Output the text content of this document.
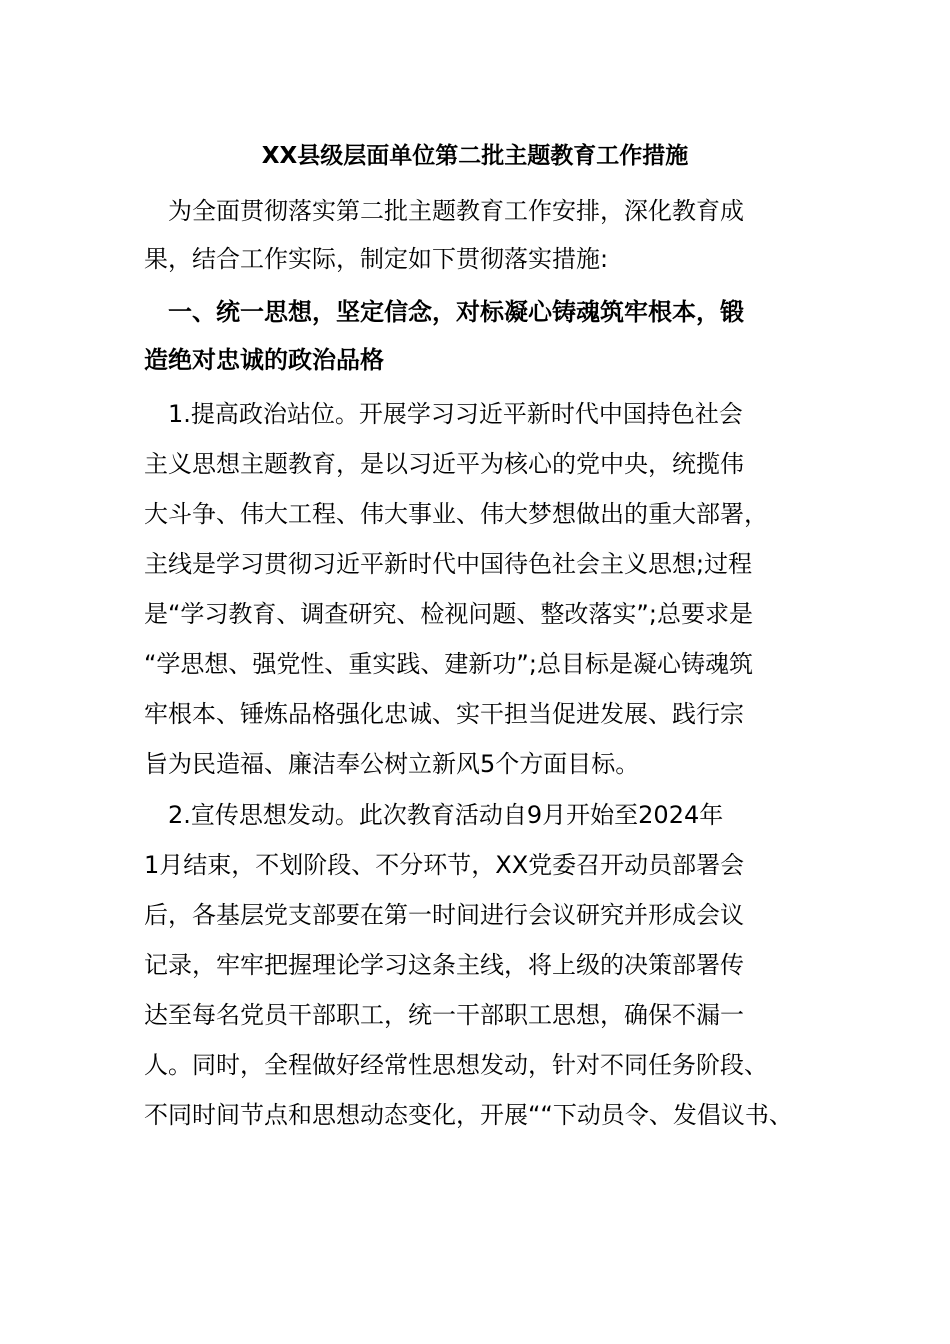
XX县级层面单位第二批主题教育工作措施
　为全面贯彻落实第二批主题教育工作安排，深化教育成
果，结合工作实际，制定如下贯彻落实措施:
　一、统一思想，坚定信念，对标凝心铸魂筑牢根本，锻
造绝对忠诚的政治品格
　1.提高政治站位。开展学习习近平新时代中国持色社会
主义思想主题教育，是以习近平为核心的党中央，统揽伟
大斗争、伟大工程、伟大事业、伟大梦想做出的重大部署，
主线是学习贯彻习近平新时代中国待色社会主义思想;过程
是“学习教育、调查研究、检视问题、整改落实”;总要求是
“学思想、强党性、重实践、建新功”;总目标是凝心铸魂筑
牢根本、锤炼品格强化忠诚、实干担当促进发展、践行宗
旨为民造福、廉洁奉公树立新风5个方面目标。
　2.宣传思想发动。此次教育活动自9月开始至2024年
1月结束，不划阶段、不分环节，XX党委召开动员部署会
后，各基层党支部要在第一时间进行会议研究并形成会议
记录，牢牢把握理论学习这条主线，将上级的决策部署传
达至每名党员干部职工，统一干部职工思想，确保不漏一
人。同时，全程做好经常性思想发动，针对不同任务阶段、
不同时间节点和思想动态变化，开展““下动员令、发倡议书、
